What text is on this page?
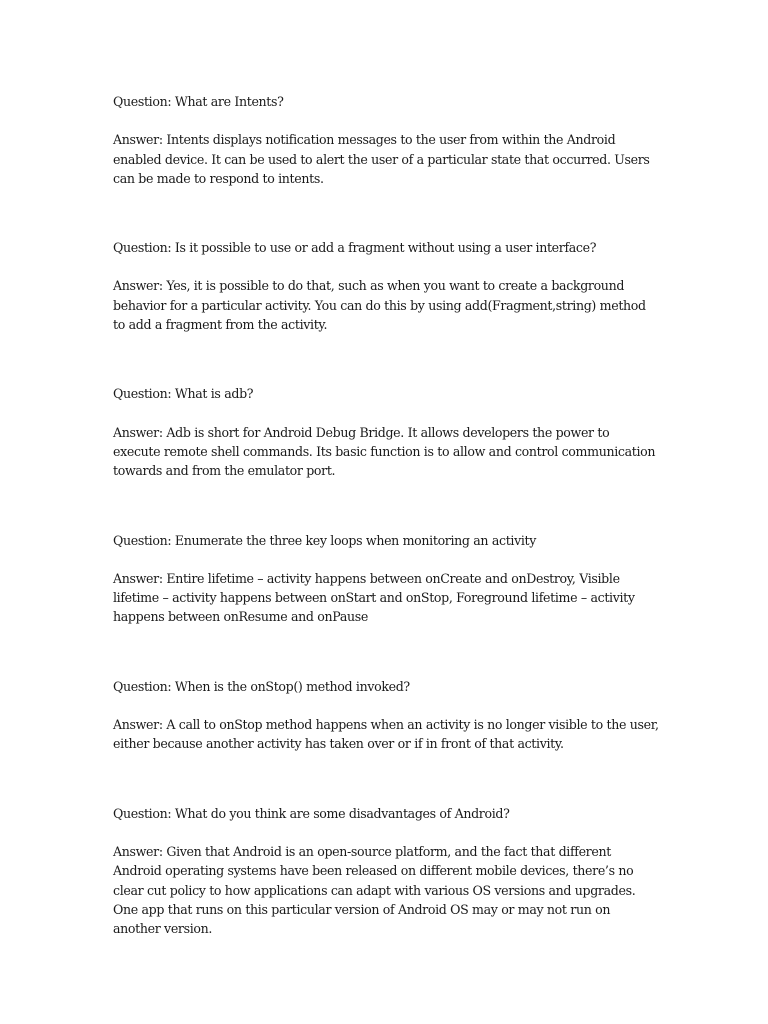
Question: What are Intents?

Answer: Intents displays notification messages to the user from within the Android enabled device. It can be used to alert the user of a particular state that occurred. Users can be made to respond to intents.

Question: Is it possible to use or add a fragment without using a user interface?

Answer: Yes, it is possible to do that, such as when you want to create a background behavior for a particular activity. You can do this by using add(Fragment,string) method to add a fragment from the activity.

Question: What is adb?

Answer: Adb is short for Android Debug Bridge. It allows developers the power to execute remote shell commands. Its basic function is to allow and control communication towards and from the emulator port.

Question: Enumerate the three key loops when monitoring an activity

Answer: Entire lifetime – activity happens between onCreate and onDestroy, Visible lifetime – activity happens between onStart and onStop, Foreground lifetime – activity happens between onResume and onPause

Question: When is the onStop() method invoked?

Answer: A call to onStop method happens when an activity is no longer visible to the user, either because another activity has taken over or if in front of that activity.

Question: What do you think are some disadvantages of Android?

Answer: Given that Android is an open-source platform, and the fact that different Android operating systems have been released on different mobile devices, there’s no clear cut policy to how applications can adapt with various OS versions and upgrades. One app that runs on this particular version of Android OS may or may not run on another version.
